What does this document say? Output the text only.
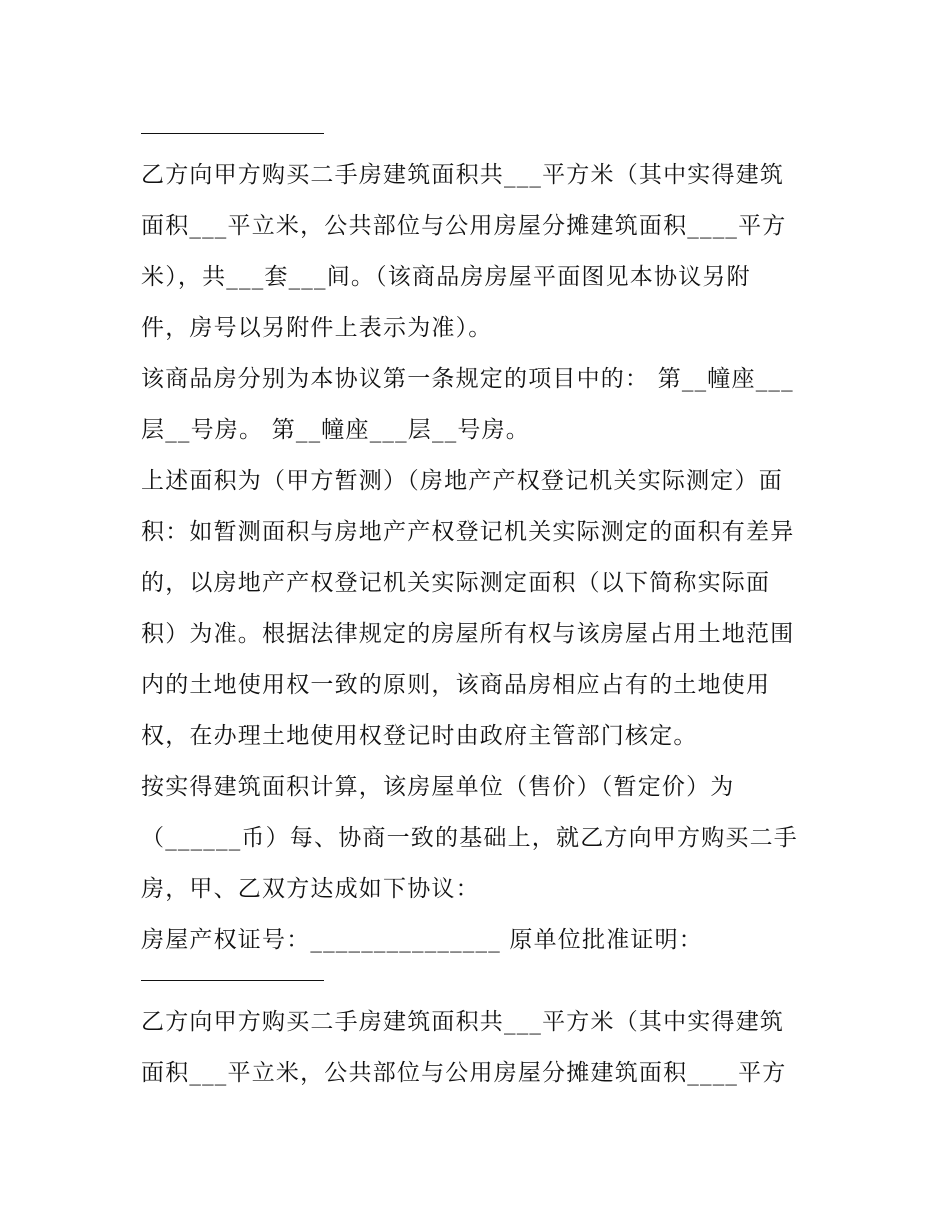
乙方向甲方购买二手房建筑面积共___平方米（其中实得建筑
面积___平立米，公共部位与公用房屋分摊建筑面积____平方
米），共___套___间。（该商品房房屋平面图见本协议另附
件，房号以另附件上表示为准）。

该商品房分别为本协议第一条规定的项目中的： 第__幢座___
层__号房。 第__幢座___层__号房。

上述面积为（甲方暂测）（房地产产权登记机关实际测定）面
积：如暂测面积与房地产产权登记机关实际测定的面积有差异
的，以房地产产权登记机关实际测定面积（以下简称实际面
积）为准。根据法律规定的房屋所有权与该房屋占用土地范围
内的土地使用权一致的原则，该商品房相应占有的土地使用
权，在办理土地使用权登记时由政府主管部门核定。

按实得建筑面积计算，该房屋单位（售价）（暂定价）为
（______币）每、协商一致的基础上，就乙方向甲方购买二手
房，甲、乙双方达成如下协议：

房屋产权证号：_______________ 原单位批准证明：

乙方向甲方购买二手房建筑面积共___平方米（其中实得建筑
面积___平立米，公共部位与公用房屋分摊建筑面积____平方
